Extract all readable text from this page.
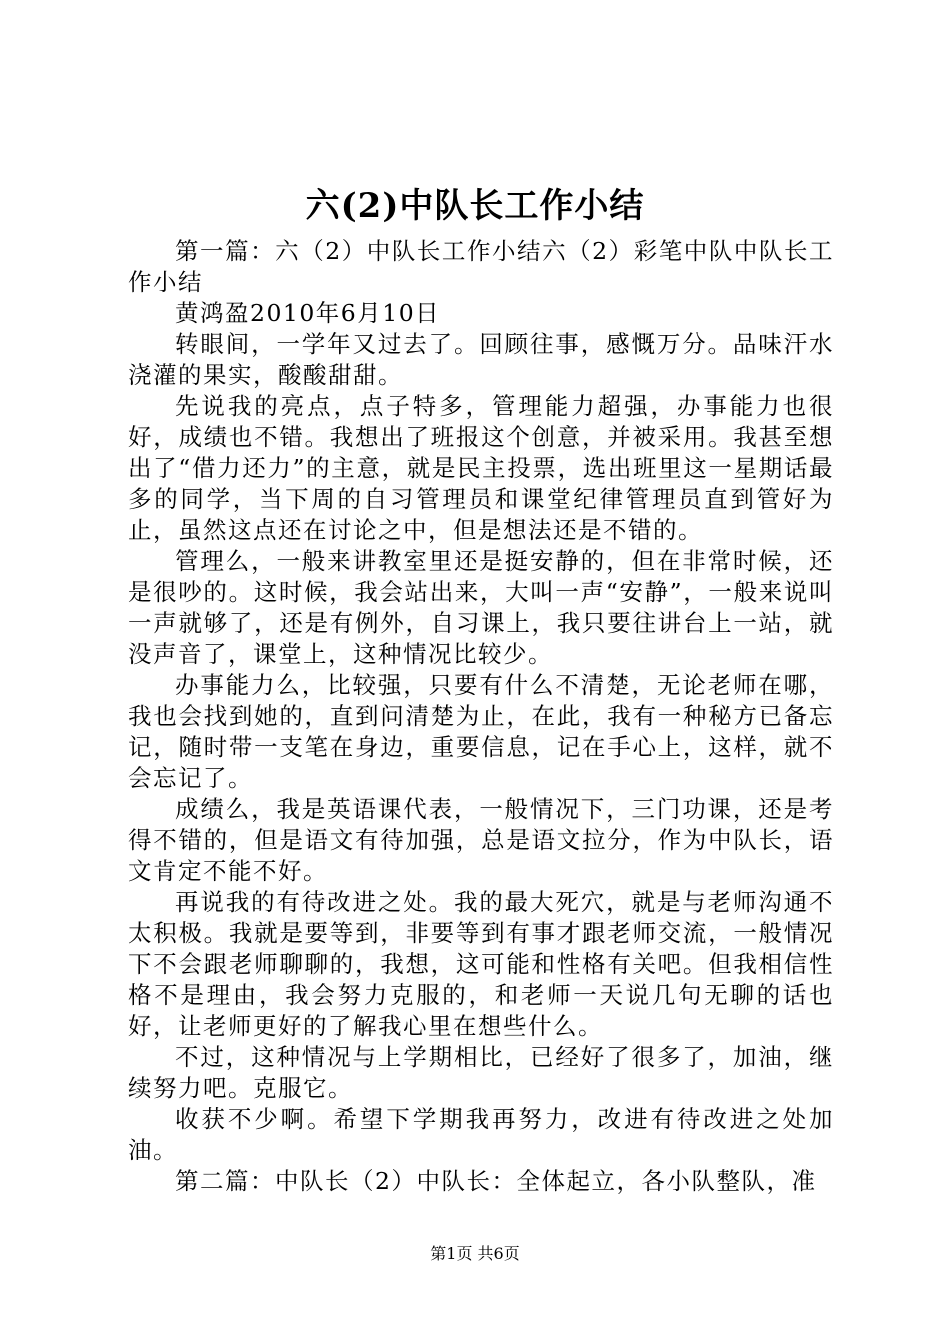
六(2)中队长工作小结

第一篇：六（2）中队长工作小结六（2）彩笔中队中队长工作小结

黄鸿盈2010年6月10日

转眼间，一学年又过去了。回顾往事，感慨万分。品味汗水浇灌的果实，酸酸甜甜。

先说我的亮点，点子特多，管理能力超强，办事能力也很好，成绩也不错。我想出了班报这个创意，并被采用。我甚至想出了“借力还力”的主意，就是民主投票，选出班里这一星期话最多的同学，当下周的自习管理员和课堂纪律管理员直到管好为止，虽然这点还在讨论之中，但是想法还是不错的。

管理么，一般来讲教室里还是挺安静的，但在非常时候，还是很吵的。这时候，我会站出来，大叫一声“安静”，一般来说叫一声就够了，还是有例外，自习课上，我只要往讲台上一站，就没声音了，课堂上，这种情况比较少。

办事能力么，比较强，只要有什么不清楚，无论老师在哪，我也会找到她的，直到问清楚为止，在此，我有一种秘方已备忘记，随时带一支笔在身边，重要信息，记在手心上，这样，就不会忘记了。

成绩么，我是英语课代表，一般情况下，三门功课，还是考得不错的，但是语文有待加强，总是语文拉分，作为中队长，语文肯定不能不好。

再说我的有待改进之处。我的最大死穴，就是与老师沟通不太积极。我就是要等到，非要等到有事才跟老师交流，一般情况下不会跟老师聊聊的，我想，这可能和性格有关吧。但我相信性格不是理由，我会努力克服的，和老师一天说几句无聊的话也好，让老师更好的了解我心里在想些什么。

不过，这种情况与上学期相比，已经好了很多了，加油，继续努力吧。克服它。

收获不少啊。希望下学期我再努力，改进有待改进之处加油。

第二篇：中队长（2）中队长：全体起立，各小队整队，准

第1页 共6页
